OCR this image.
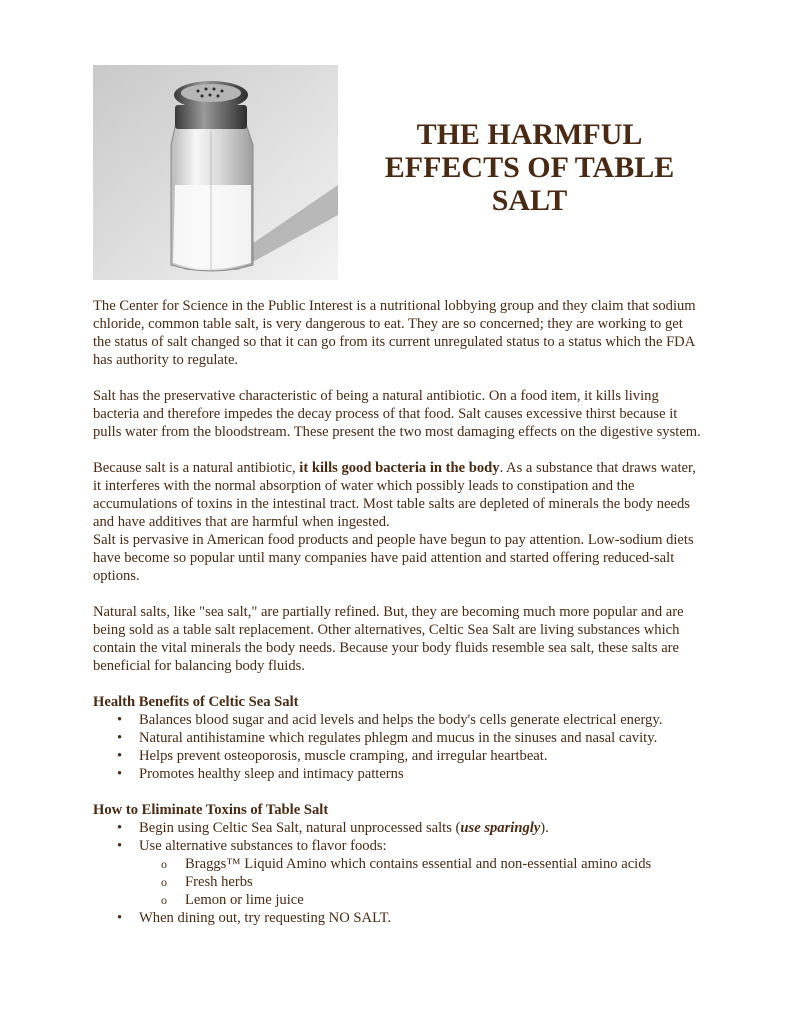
THE HARMFUL
EFFECTS OF TABLE
SALT

The Center for Science in the Public Interest is a nutritional lobbying group and they claim that sodium chloride, common table salt, is very dangerous to eat. They are so concerned; they are working to get the status of salt changed so that it can go from its current unregulated status to a status which the FDA has authority to regulate.

Salt has the preservative characteristic of being a natural antibiotic. On a food item, it kills living bacteria and therefore impedes the decay process of that food. Salt causes excessive thirst because it pulls water from the bloodstream. These present the two most damaging effects on the digestive system.

Because salt is a natural antibiotic, it kills good bacteria in the body. As a substance that draws water, it interferes with the normal absorption of water which possibly leads to constipation and the accumulations of toxins in the intestinal tract. Most table salts are depleted of minerals the body needs and have additives that are harmful when ingested.

Salt is pervasive in American food products and people have begun to pay attention. Low-sodium diets have become so popular until many companies have paid attention and started offering reduced-salt options.

Natural salts, like "sea salt," are partially refined. But, they are becoming much more popular and are being sold as a table salt replacement. Other alternatives, Celtic Sea Salt are living substances which contain the vital minerals the body needs. Because your body fluids resemble sea salt, these salts are beneficial for balancing body fluids.

Health Benefits of Celtic Sea Salt
• Balances blood sugar and acid levels and helps the body's cells generate electrical energy.
• Natural antihistamine which regulates phlegm and mucus in the sinuses and nasal cavity.
• Helps prevent osteoporosis, muscle cramping, and irregular heartbeat.
• Promotes healthy sleep and intimacy patterns
How to Eliminate Toxins of Table Salt
• Begin using Celtic Sea Salt, natural unprocessed salts (use sparingly).
• Use alternative substances to flavor foods:
o Braggs™ Liquid Amino which contains essential and non-essential amino acids
o Fresh herbs
o Lemon or lime juice
• When dining out, try requesting NO SALT.
